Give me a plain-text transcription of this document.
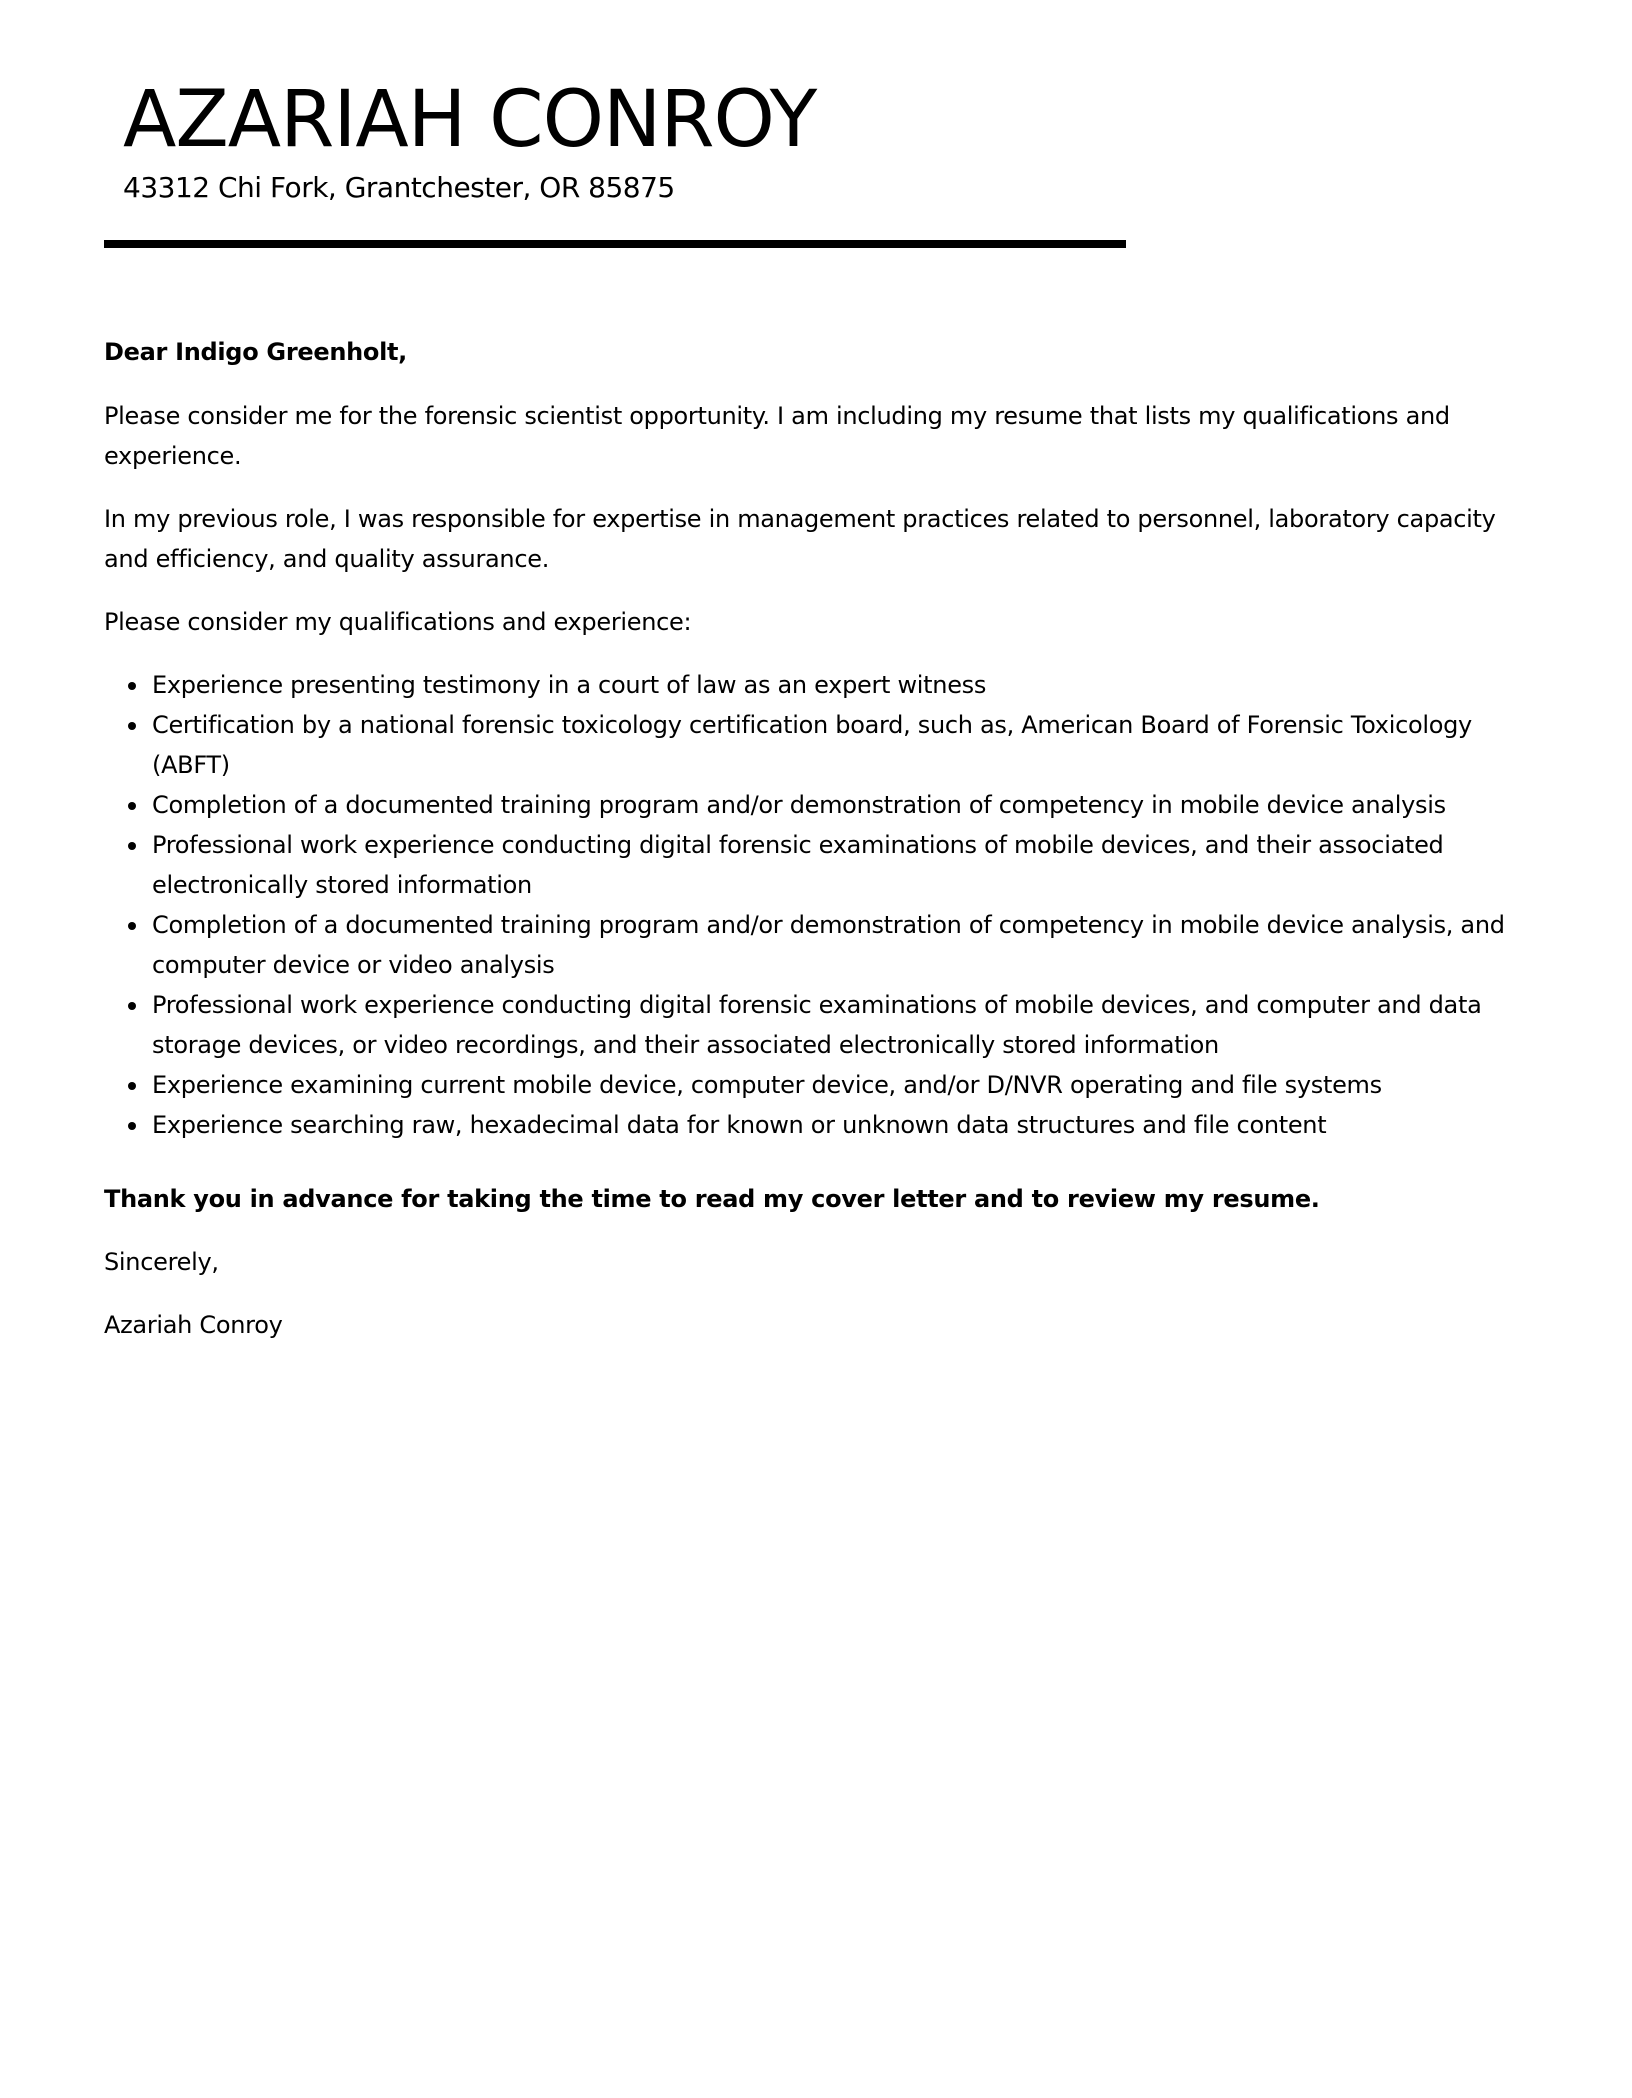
AZARIAH CONROY

43312 Chi Fork, Grantchester, OR 85875

Dear Indigo Greenholt,

Please consider me for the forensic scientist opportunity. I am including my resume that lists my qualifications and experience.

In my previous role, I was responsible for expertise in management practices related to personnel, laboratory capacity and efficiency, and quality assurance.

Please consider my qualifications and experience:

Experience presenting testimony in a court of law as an expert witness
Certification by a national forensic toxicology certification board, such as, American Board of Forensic Toxicology (ABFT)
Completion of a documented training program and/or demonstration of competency in mobile device analysis
Professional work experience conducting digital forensic examinations of mobile devices, and their associated electronically stored information
Completion of a documented training program and/or demonstration of competency in mobile device analysis, and computer device or video analysis
Professional work experience conducting digital forensic examinations of mobile devices, and computer and data storage devices, or video recordings, and their associated electronically stored information
Experience examining current mobile device, computer device, and/or D/NVR operating and file systems
Experience searching raw, hexadecimal data for known or unknown data structures and file content

Thank you in advance for taking the time to read my cover letter and to review my resume.

Sincerely,

Azariah Conroy
